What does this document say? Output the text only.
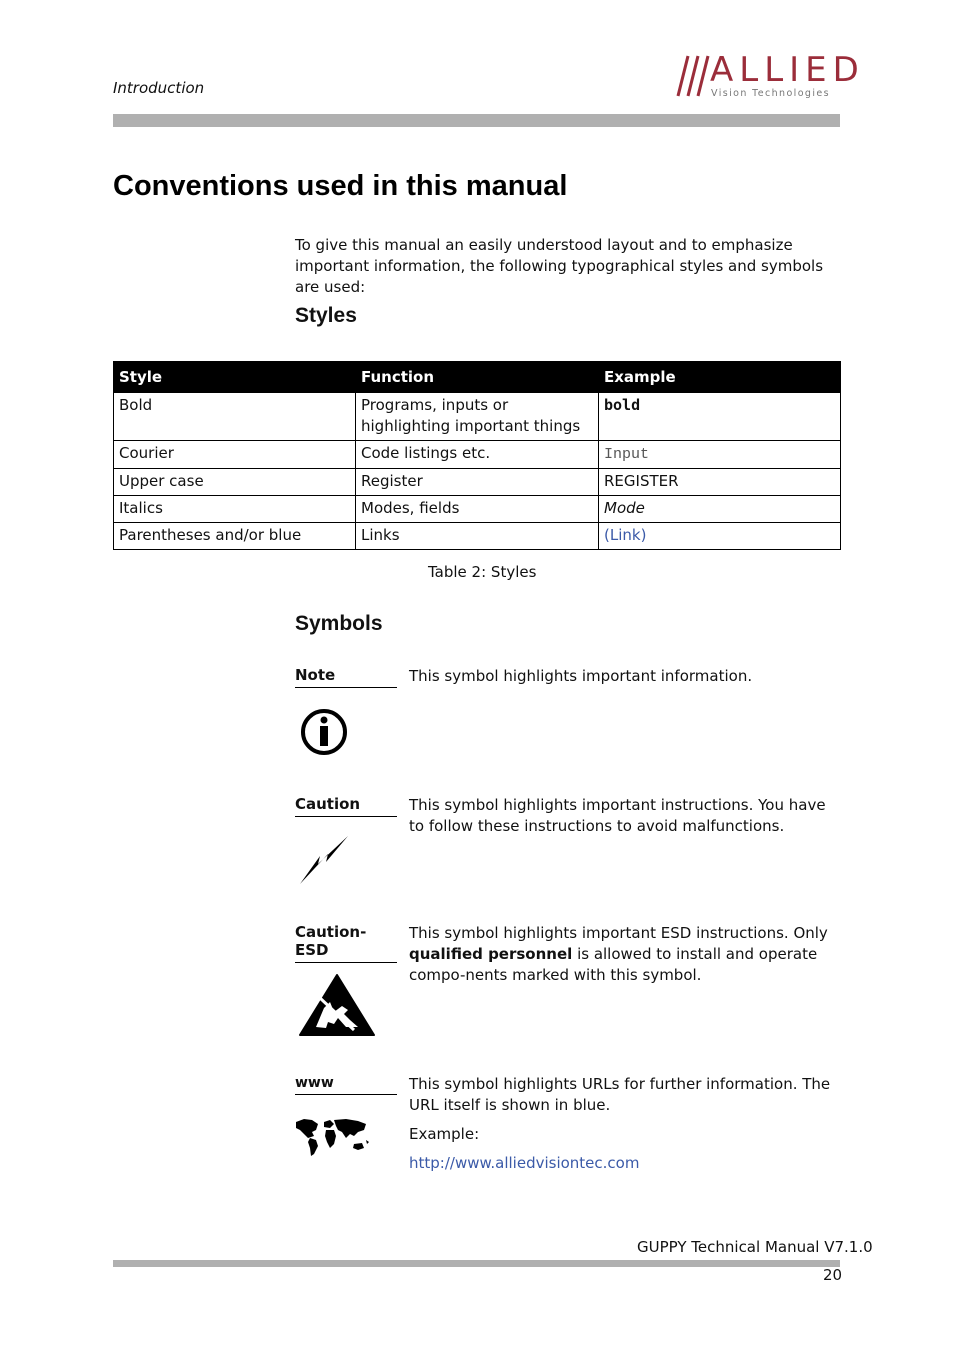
Introduction	ALLIED
Vision Technologies
Conventions used in this manual
To give this manual an easily understood layout and to emphasize important information, the following typographical styles and symbols are used:
Styles
Style	Function	Example
Bold	Programs, inputs or highlighting important things	bold
Courier	Code listings etc.	Input
Upper case	Register	REGISTER
Italics	Modes, fields	Mode
Parentheses and/or blue	Links	(Link)
Table 2: Styles
Symbols
Note	This symbol highlights important information.
Caution	This symbol highlights important instructions. You have to follow these instructions to avoid malfunctions.
Caution-ESD
This symbol highlights important ESD instructions. Only qualified personnel is allowed to install and operate compo-nents marked with this symbol.
www	This symbol highlights URLs for further information. The URL itself is shown in blue.
Example:
http://www.alliedvisiontec.com
GUPPY Technical Manual V7.1.0
20
